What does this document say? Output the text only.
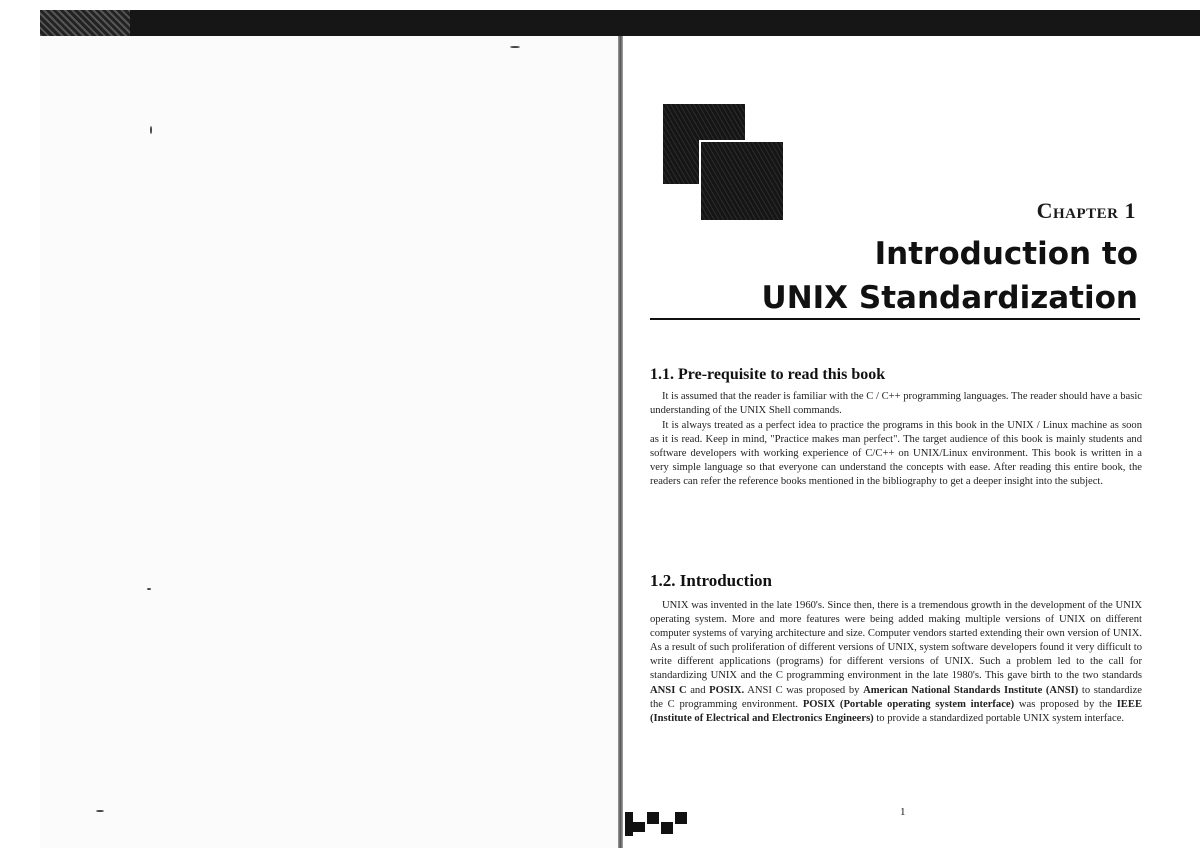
Chapter 1
Introduction to
UNIX Standardization
1.1. Pre-requisite to read this book

It is assumed that the reader is familiar with the C / C++ programming languages. The reader should have a basic understanding of the UNIX Shell commands.

It is always treated as a perfect idea to practice the programs in this book in the UNIX / Linux machine as soon as it is read. Keep in mind, "Practice makes man perfect". The target audience of this book is mainly students and software developers with working experience of C/C++ on UNIX/Linux environment. This book is written in a very simple language so that everyone can understand the concepts with ease. After reading this entire book, the readers can refer the reference books mentioned in the bibliography to get a deeper insight into the subject.

1.2. Introduction

UNIX was invented in the late 1960's. Since then, there is a tremendous growth in the development of the UNIX operating system. More and more features were being added making multiple versions of UNIX on different computer systems of varying architecture and size. Computer vendors started extending their own version of UNIX. As a result of such proliferation of different versions of UNIX, system software developers found it very difficult to write different applications (programs) for different versions of UNIX. Such a problem led to the call for standardizing UNIX and the C programming environment in the late 1980's. This gave birth to the two standards ANSI C and POSIX. ANSI C was proposed by American National Standards Institute (ANSI) to standardize the C programming environment. POSIX (Portable operating system interface) was proposed by the IEEE (Institute of Electrical and Electronics Engineers) to provide a standardized portable UNIX system interface.

1
